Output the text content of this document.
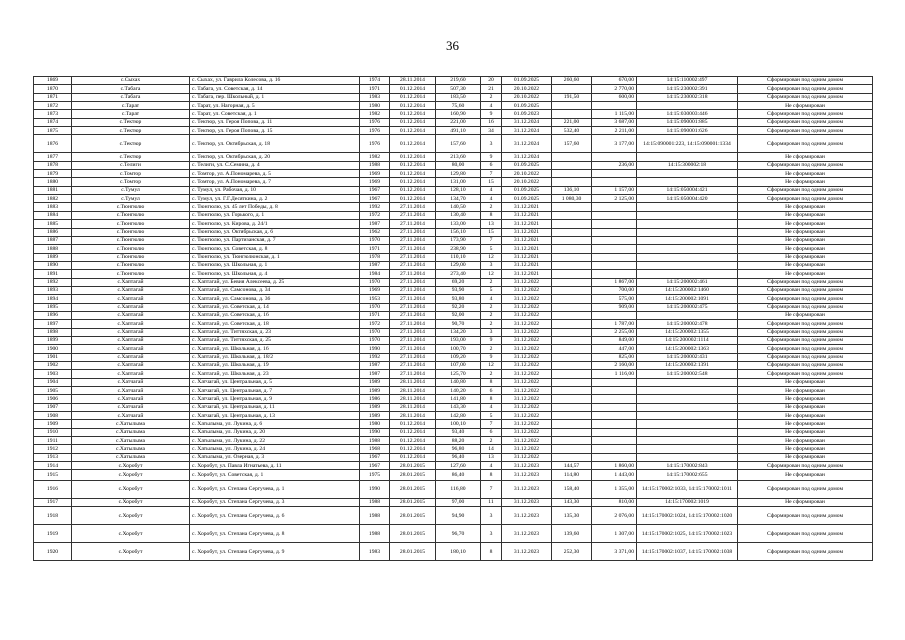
36
1869	с.Сыхах	с. Сыхах, ул. Гаврила Колесова, д. 16	1974	28.11.2014	219,60	20	01.09.2025	260,60	670,00	14:15:110002:497	Сформирован под одним домом
1870	с.Табага	с. Табага, ул. Советская, д. 14	1971	01.12.2014	507,30	21	20.10.2022		2 770,00	14:15:230002:391	Сформирован под одним домом
1871	с.Табага	с. Табага, пер. Школьный, д. 1	1983	01.12.2014	183,50	2	20.10.2022	191,50	600,00	14:15:230002:318	Сформирован под одним домом
1872	с.Тарат	с. Тарат, ул. Нагорная, д. 5	1980	01.12.2014	75,60	4	01.09.2025				Не сформирован
1873	с.Тарат	с. Тарат, ул. Советская, д. 1	1982	01.12.2014	160,90	9	01.09.2023		1 115,00	14:15:030003:446	Сформирован под одним домом
1874	с.Тектюр	с. Тектюр, ул. Героя Попова, д. 11	1976	01.12.2014	221,00	16	31.12.2024	221,00	3 687,00	14:15:090001:885	Сформирован под одним домом
1875	с.Тектюр	с. Тектюр, ул. Героя Попова, д. 15	1976	01.12.2014	491,10	34	31.12.2024	532,40	2 211,00	14:15:090001:626	Сформирован под одним домом
1876	с.Тектюр	с. Тектюр, ул. Октябрьская, д. 18	1976	01.12.2014	157,60	3	31.12.2024	157,60	3 177,00	14:15:090001:223, 14:15:090001:1334	Сформирован под одним домом
1877	с.Тектюр	с. Тектюр, ул. Октябрьская, д. 20	1982	01.12.2014	213,60	9	31.12.2024				Не сформирован
1878	с.Телиги	с. Телиги, ул. С.Семина, д. 4	1988	01.12.2014	80,00	6	01.09.2025		236,00	14:15:300002:18	Сформирован под одним домом
1879	с.Томтор	с. Томтор, ул. А.Пономарева, д. 5	1969	01.12.2014	129,80	7	20.10.2022				Не сформирован
1880	с.Томтор	с. Томтор, ул. А.Пономарева, д. 7	1969	01.12.2014	131,00	15	20.10.2022				Не сформирован
1881	с.Тумул	с. Тумул, ул. Рабочая, д. 10	1967	01.12.2014	128,10	4	01.09.2025	136,10	1 157,00	14:15:050004:421	Сформирован под одним домом
1882	с.Тумул	с. Тумул, ул. Г.Г.Десяткина, д. 2	1967	01.12.2014	134,70	4	01.09.2025	1 080,30	2 125,00	14:15:050004:420	Сформирован под одним домом
1883	с.Тюнгюлю	с. Тюнгюлю, ул. 45 лет Победы, д. 8	1992	27.11.2014	140,50	2	31.12.2021				Не сформирован
1884	с.Тюнгюлю	с. Тюнгюлю, ул. Горького, д. 1	1972	27.11.2014	130,40	8	31.12.2021				Не сформирован
1885	с.Тюнгюлю	с. Тюнгюлю, ул. Кирова, д. 24/1	1987	27.11.2014	133,00	13	31.12.2021				Не сформирован
1886	с.Тюнгюлю	с. Тюнгюлю, ул. Октябрьская, д. 6	1962	27.11.2014	156,10	15	31.12.2021				Не сформирован
1887	с.Тюнгюлю	с. Тюнгюлю, ул. Партизанская, д. 7	1970	27.11.2014	173,90	7	31.12.2021				Не сформирован
1888	с.Тюнгюлю	с. Тюнгюлю, ул. Советская, д. 8	1971	27.11.2014	238,90	5	31.12.2021				Не сформирован
1889	с.Тюнгюлю	с. Тюнгюлю, ул. Тюнгюлюнская, д. 1	1978	27.11.2014	110,10	12	31.12.2021				Не сформирован
1890	с.Тюнгюлю	с. Тюнгюлю, ул. Школьная, д. 1	1987	27.11.2014	129,00	3	31.12.2021				Не сформирован
1891	с.Тюнгюлю	с. Тюнгюлю, ул. Школьная, д. 4	1984	27.11.2014	273,40	12	31.12.2021				Не сформирован
1892	с.Хаптагай	с. Хаптагай, ул. Бевия Алексеева, д. 25	1970	27.11.2014	69,20	2	31.12.2022		1 867,00	14:15:200002:461	Сформирован под одним домом
1893	с.Хаптагай	с. Хаптагай, ул. Самсонова, д. 34	1969	27.11.2014	93,90	5	31.12.2022		700,00	14:15:200002:1460	Сформирован под одним домом
1894	с.Хаптагай	с. Хаптагай, ул. Самсонова, д. 36	1953	27.11.2014	93,80	4	31.12.2022		575,00	14:15:200002:1091	Сформирован под одним домом
1895	с.Хаптагай	с. Хаптагай, ул. Советская, д. 14	1970	27.11.2014	92,20	2	31.12.2022		909,00	14:15:200002:475	Сформирован под одним домом
1896	с.Хаптагай	с. Хаптагай, ул. Советская, д. 16	1971	27.11.2014	92,00	2	31.12.2022				Не сформирован
1897	с.Хаптагай	с. Хаптагай, ул. Советская, д. 18	1972	27.11.2014	90,70	2	31.12.2022		1 787,00	14:15:200002:478	Сформирован под одним домом
1898	с.Хаптагай	с. Хаптагай, ул. Титтяхская, д. 23	1970	27.11.2014	134,20	3	31.12.2022		2 255,00	14:15:200002:1355	Сформирован под одним домом
1899	с.Хаптагай	с. Хаптагай, ул. Титтяхская, д. 25	1970	27.11.2014	193,00	9	31.12.2022		849,00	14:15:200002:1114	Сформирован под одним домом
1900	с.Хаптагай	с. Хаптагай, ул. Школьная, д. 16	1990	27.11.2014	100,70	2	31.12.2022		447,00	14:15:200002:1363	Сформирован под одним домом
1901	с.Хаптагай	с. Хаптагай, ул. Школьная, д. 18/2	1992	27.11.2014	109,20	9	31.12.2022		825,00	14:15:200002:431	Сформирован под одним домом
1902	с.Хаптагай	с. Хаптагай, ул. Школьная, д. 19	1987	27.11.2014	107,00	12	31.12.2022		2 160,00	14:15:200002:1391	Сформирован под одним домом
1903	с.Хаптагай	с. Хаптагай, ул. Школьная, д. 23	1987	27.11.2014	125,70	2	31.12.2022		1 116,00	14:15:200002:548	Сформирован под одним домом
1904	с.Хатчагай	с. Хатчагай, ул. Центральная, д. 5	1989	28.11.2014	140,80	8	31.12.2022				Не сформирован
1905	с.Хатчагай	с. Хатчагай, ул. Центральная, д. 7	1989	28.11.2014	140,20	6	31.12.2022				Не сформирован
1906	с.Хатчагай	с. Хатчагай, ул. Центральная, д. 9	1986	28.11.2014	141,80	8	31.12.2022				Не сформирован
1907	с.Хатчагай	с. Хатчагай, ул. Центральная, д. 11	1989	28.11.2014	143,30	4	31.12.2022				Не сформирован
1908	с.Хатчагай	с. Хатчагай, ул. Центральная, д. 13	1989	28.11.2014	142,80	5	31.12.2022				Не сформирован
1909	с.Хатылыма	с. Хатылыма, ул. Лукина, д. 6	1980	01.12.2014	100,10	7	31.12.2022				Не сформирован
1910	с.Хатылыма	с. Хатылыма, ул. Лукина, д. 20	1990	01.12.2014	93,40	6	31.12.2022				Не сформирован
1911	с.Хатылыма	с. Хатылыма, ул. Лукина, д. 22	1988	01.12.2014	88,20	2	31.12.2022				Не сформирован
1912	с.Хатылыма	с. Хатылыма, ул. Лукина, д. 24	1968	01.12.2014	96,80	14	31.12.2022				Не сформирован
1913	с.Хатылыма	с. Хатылыма, ул. Озерная, д. 3	1967	01.12.2014	96,40	13	31.12.2022				Не сформирован
1914	с.Хоробут	с. Хоробут, ул. Павла Игнатьева, д. 11	1967	28.01.2015	127,60	4	31.12.2023	144,57	1 860,00	14:15:170002:843	Сформирован под одним домом
1915	с.Хоробут	с. Хоробут, ул. Советская, д. 1	1975	28.01.2015	86,40	8	31.12.2023	114,80	1 443,00	14:15:170002:655	Не сформирован
1916	с.Хоробут	с. Хоробут, ул. Степана Сергучева, д. 1	1990	28.01.2015	116,80	7	31.12.2023	158,40	1 355,00	14:15:170002:1033, 14:15:170002:1011	Сформирован под одним домом
1917	с.Хоробут	с. Хоробут, ул. Степана Сергучева, д. 3	1988	28.01.2015	97,00	11	31.12.2023	143,30	810,00	14:15:170002:1019	Не сформирован
1918	с.Хоробут	с. Хоробут, ул. Степана Сергучева, д. 6	1988	28.01.2015	94,90	3	31.12.2023	135,30	2 076,00	14:15:170002:1024, 14:15:170002:1020	Сформирован под одним домом
1919	с.Хоробут	с. Хоробут, ул. Степана Сергучева, д. 8	1988	28.01.2015	96,70	3	31.12.2023	139,60	1 307,00	14:15:170002:1025, 14:15:170002:1023	Сформирован под одним домом
1920	с.Хоробут	с. Хоробут, ул. Степана Сергучева, д. 9	1983	28.01.2015	180,10	8	31.12.2023	252,30	3 371,00	14:15:170002:1037, 14:15:170002:1038	Сформирован под одним домом
